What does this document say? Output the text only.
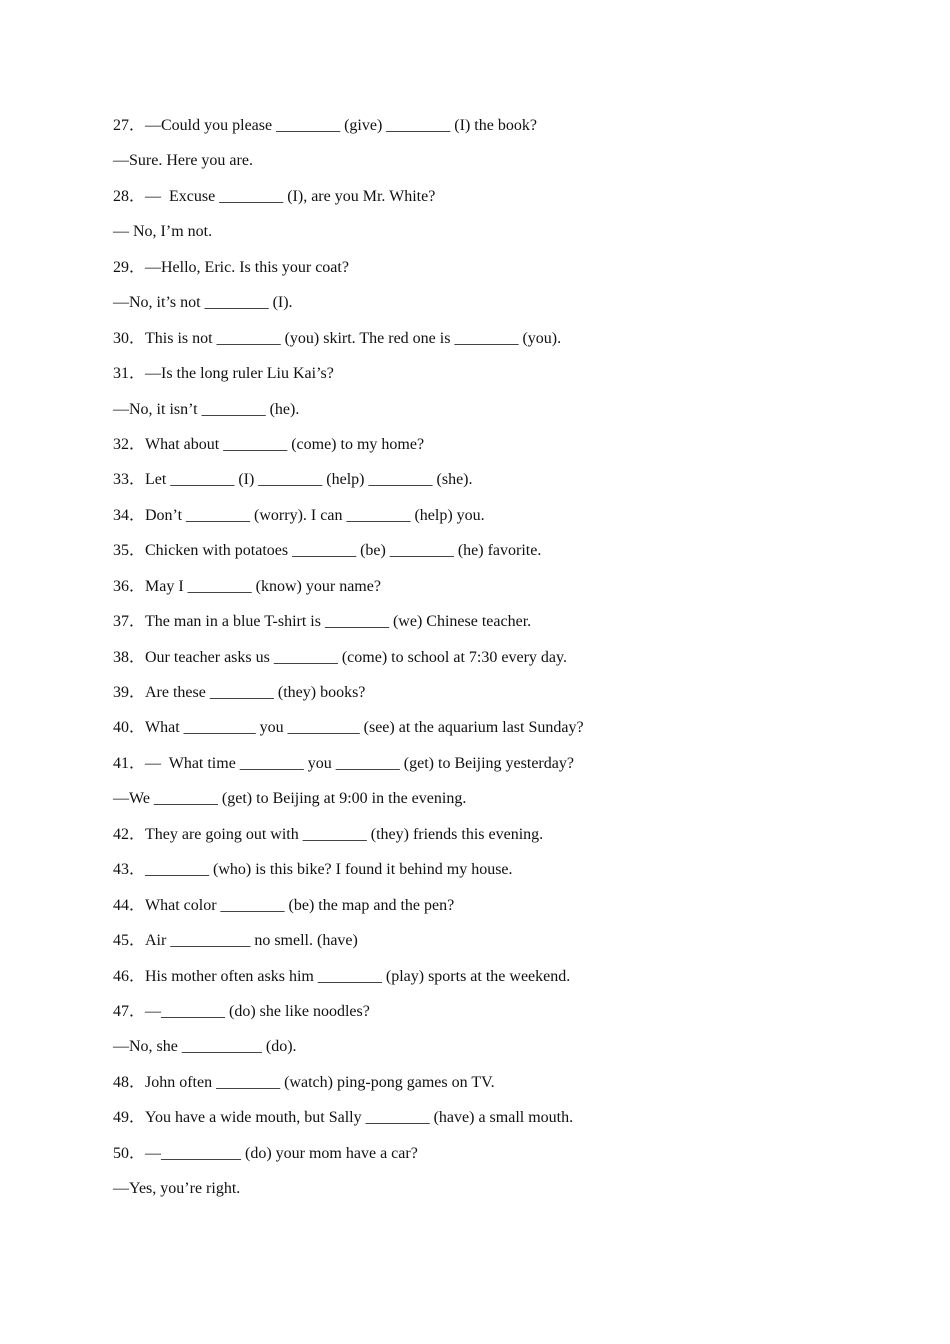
27．—Could you please ________ (give) ________ (I) the book?

—Sure. Here you are.

28．—  Excuse ________ (I), are you Mr. White?

— No, I’m not.

29．—Hello, Eric. Is this your coat?

—No, it’s not ________ (I).

30．This is not ________ (you) skirt. The red one is ________ (you).

31．—Is the long ruler Liu Kai’s?

—No, it isn’t ________ (he).

32．What about ________ (come) to my home?

33．Let ________ (I) ________ (help) ________ (she).

34．Don’t ________ (worry). I can ________ (help) you.

35．Chicken with potatoes ________ (be) ________ (he) favorite.

36．May I ________ (know) your name?

37．The man in a blue T-shirt is ________ (we) Chinese teacher.

38．Our teacher asks us ________ (come) to school at 7:30 every day.

39．Are these ________ (they) books?

40．What _________ you _________ (see) at the aquarium last Sunday?

41．—  What time ________ you ________ (get) to Beijing yesterday?

—We ________ (get) to Beijing at 9:00 in the evening.

42．They are going out with ________ (they) friends this evening.

43．________ (who) is this bike? I found it behind my house.

44．What color ________ (be) the map and the pen?

45．Air __________ no smell. (have)

46．His mother often asks him ________ (play) sports at the weekend.

47．—________ (do) she like noodles?

—No, she __________ (do).

48．John often ________ (watch) ping-pong games on TV.

49．You have a wide mouth, but Sally ________ (have) a small mouth.

50．—__________ (do) your mom have a car?

—Yes, you’re right.
